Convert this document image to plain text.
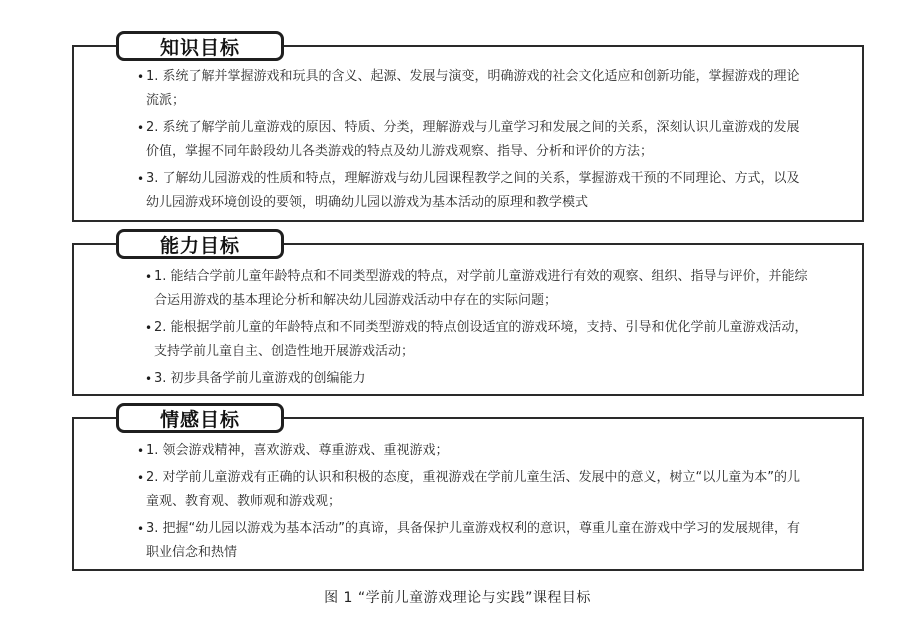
• 1. 系统了解并掌握游戏和玩具的含义、起源、发展与演变，明确游戏的社会文化适应和创新功能，掌握游戏的理论流派；
• 2. 系统了解学前儿童游戏的原因、特质、分类，理解游戏与儿童学习和发展之间的关系，深刻认识儿童游戏的发展价值，掌握不同年龄段幼儿各类游戏的特点及幼儿游戏观察、指导、分析和评价的方法；
• 3. 了解幼儿园游戏的性质和特点，理解游戏与幼儿园课程教学之间的关系，掌握游戏干预的不同理论、方式，以及幼儿园游戏环境创设的要领，明确幼儿园以游戏为基本活动的原理和教学模式
知识目标
• 1. 能结合学前儿童年龄特点和不同类型游戏的特点，对学前儿童游戏进行有效的观察、组织、指导与评价，并能综合运用游戏的基本理论分析和解决幼儿园游戏活动中存在的实际问题；
• 2. 能根据学前儿童的年龄特点和不同类型游戏的特点创设适宜的游戏环境，支持、引导和优化学前儿童游戏活动，支持学前儿童自主、创造性地开展游戏活动；
• 3. 初步具备学前儿童游戏的创编能力
能力目标
• 1. 领会游戏精神，喜欢游戏、尊重游戏、重视游戏；
• 2. 对学前儿童游戏有正确的认识和积极的态度，重视游戏在学前儿童生活、发展中的意义，树立“以儿童为本”的儿童观、教育观、教师观和游戏观；
• 3. 把握“幼儿园以游戏为基本活动”的真谛，具备保护儿童游戏权利的意识，尊重儿童在游戏中学习的发展规律，有职业信念和热情
情感目标
图 1 “学前儿童游戏理论与实践”课程目标
